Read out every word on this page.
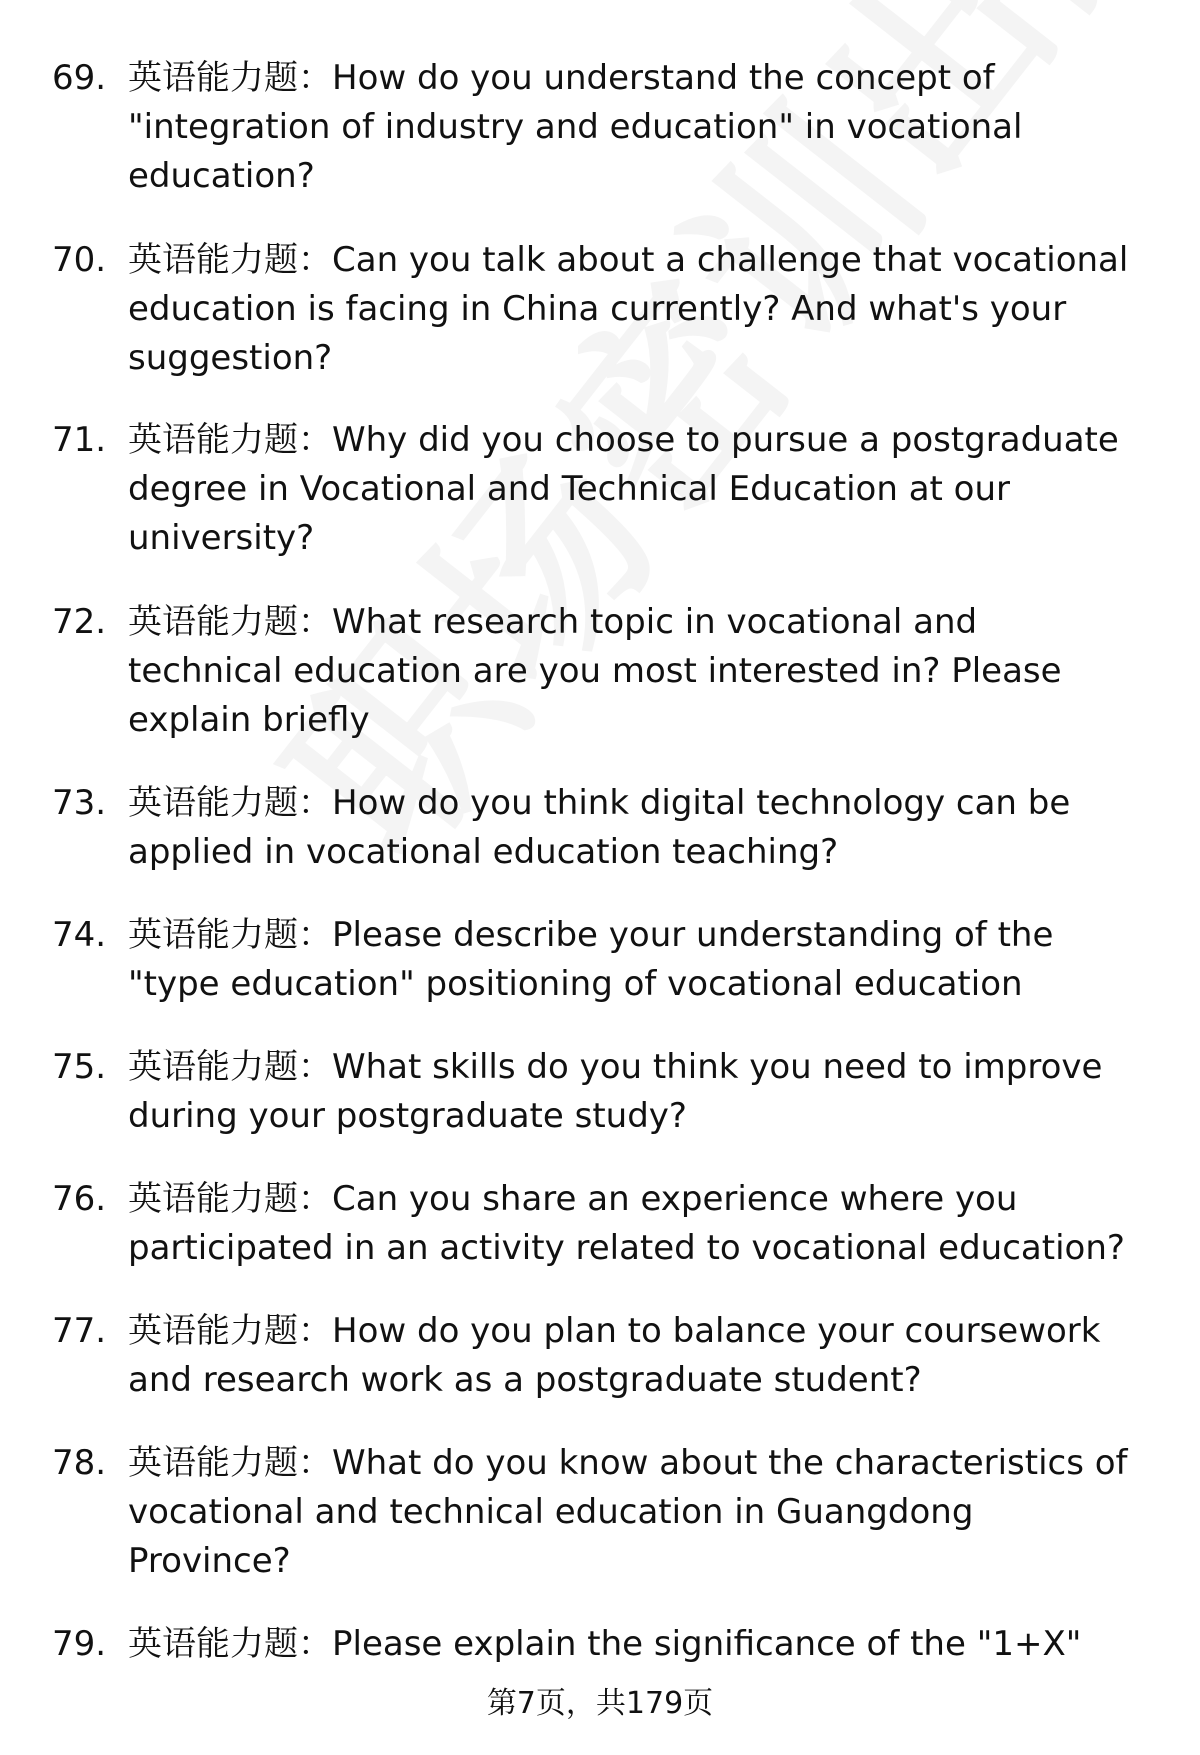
69. 英语能力题：How do you understand the concept of
"integration of industry and education" in vocational
education?
70. 英语能力题：Can you talk about a challenge that vocational
education is facing in China currently? And what's your
suggestion?
71. 英语能力题：Why did you choose to pursue a postgraduate
degree in Vocational and Technical Education at our
university?
72. 英语能力题：What research topic in vocational and
technical education are you most interested in? Please
explain briefly
73. 英语能力题：How do you think digital technology can be
applied in vocational education teaching?
74. 英语能力题：Please describe your understanding of the
"type education" positioning of vocational education
75. 英语能力题：What skills do you think you need to improve
during your postgraduate study?
76. 英语能力题：Can you share an experience where you
participated in an activity related to vocational education?
77. 英语能力题：How do you plan to balance your coursework
and research work as a postgraduate student?
78. 英语能力题：What do you know about the characteristics of
vocational and technical education in Guangdong
Province?
79. 英语能力题：Please explain the significance of the "1+X"
第7页，共179页
